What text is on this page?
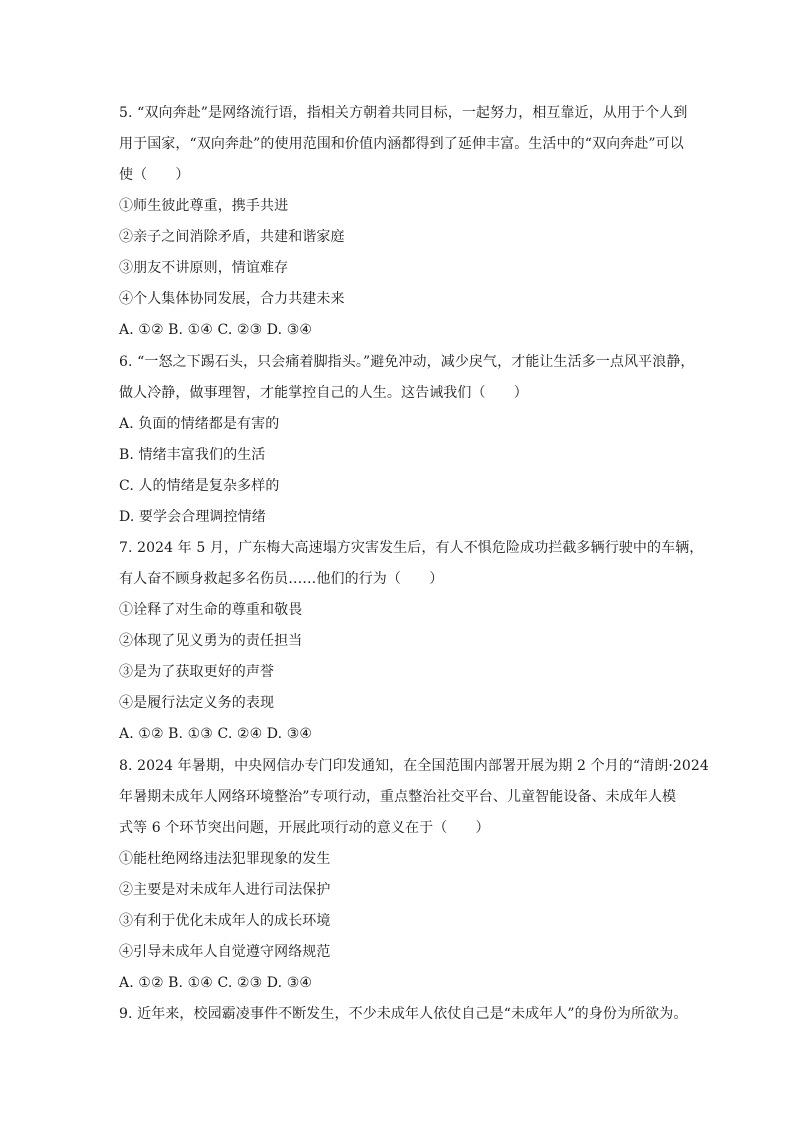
5. “双向奔赴”是网络流行语，指相关方朝着共同目标，一起努力，相互靠近，从用于个人到
用于国家，“双向奔赴”的使用范围和价值内涵都得到了延伸丰富。生活中的“双向奔赴”可以
使（　　）
①师生彼此尊重，携手共进
②亲子之间消除矛盾，共建和谐家庭
③朋友不讲原则，情谊难存
④个人集体协同发展，合力共建未来
A. ①② B. ①④ C. ②③ D. ③④
6. “一怒之下踢石头，只会痛着脚指头。”避免冲动，减少戾气，才能让生活多一点风平浪静，
做人冷静，做事理智，才能掌控自己的人生。这告诫我们（　　）
A. 负面的情绪都是有害的
B. 情绪丰富我们的生活
C. 人的情绪是复杂多样的
D. 要学会合理调控情绪
7. 2024 年 5 月，广东梅大高速塌方灾害发生后，有人不惧危险成功拦截多辆行驶中的车辆，
有人奋不顾身救起多名伤员……他们的行为（　　）
①诠释了对生命的尊重和敬畏
②体现了见义勇为的责任担当
③是为了获取更好的声誉
④是履行法定义务的表现
A. ①② B. ①③ C. ②④ D. ③④
8. 2024 年暑期，中央网信办专门印发通知，在全国范围内部署开展为期 2 个月的“清朗·2024
年暑期未成年人网络环境整治”专项行动，重点整治社交平台、儿童智能设备、未成年人模
式等 6 个环节突出问题，开展此项行动的意义在于（　　）
①能杜绝网络违法犯罪现象的发生
②主要是对未成年人进行司法保护
③有利于优化未成年人的成长环境
④引导未成年人自觉遵守网络规范
A. ①② B. ①④ C. ②③ D. ③④
9. 近年来，校园霸凌事件不断发生，不少未成年人依仗自己是“未成年人”的身份为所欲为。
